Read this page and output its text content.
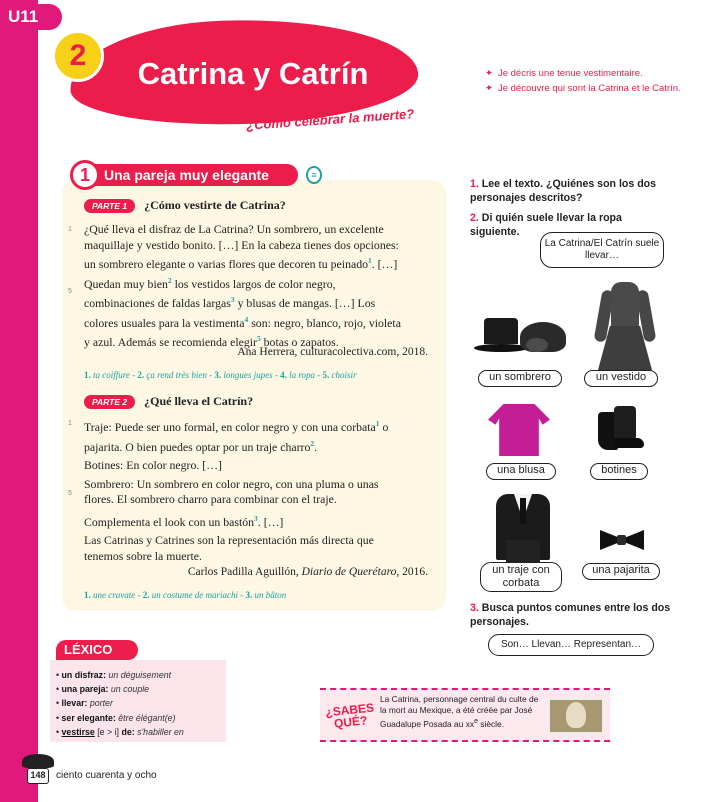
U11
2
Catrina y Catrín
¿Cómo celebrar la muerte?
✦ Je décris une tenue vestimentaire.
✦ Je découvre qui sont la Catrina et le Catrín.
1	Una pareja muy elegante	≡
PARTE 1 ¿Cómo vestirte de Catrina?
1
5

¿Qué lleva el disfraz de La Catrina? Un sombrero, un excelente

maquillaje y vestido bonito. […] En la cabeza tienes dos opciones:

un sombrero elegante o varias flores que decoren tu peinado$^1$. […]

Quedan muy bien$^2$ los vestidos largos de color negro,

combinaciones de faldas largas$^3$ y blusas de mangas. […] Los

colores usuales para la vestimenta$^4$ son: negro, blanco, rojo, violeta

y azul. Además se recomienda elegir$^5$ botas o zapatos.

Ana Herrera, culturacolectiva.com, 2018.
1. ta coiffure - 2. ça rend très bien - 3. longues jupes - 4. la ropa - 5. choisir
PARTE 2 ¿Qué lleva el Catrín?
1
5

Traje: Puede ser uno formal, en color negro y con una corbata$^1$ o

pajarita. O bien puedes optar por un traje charro$^2$.

Botines: En color negro. […]

Sombrero: Un sombrero en color negro, con una pluma o unas

flores. El sombrero charro para combinar con el traje.

Complementa el look con un bastón$^3$. […]

Las Catrinas y Catrines son la representación más directa que

tenemos sobre la muerte.

Carlos Padilla Aguillón, Diario de Querétaro, 2016.
1. une cravate - 2. un costume de mariachi - 3. un bâton
LÉXICO
• un disfraz: un déguisement
• una pareja: un couple
• llevar: porter
• ser elegante: être élégant(e)
• vestirse [e > i] de: s'habiller en
148	ciento cuarenta y ocho
1. Lee el texto. ¿Quiénes son los dos personajes descritos?
2. Di quién suele llevar la ropa siguiente.
La Catrina/El Catrín suele llevar…
un sombrero	un vestido
una blusa	botines
un traje con corbata
una pajarita
3. Busca puntos comunes entre los dos personajes.
Son… Llevan… Representan…
¿SABES QUÉ?
La Catrina, personnage central du culte de la mort au Mexique, a été créée par José Guadalupe Posada au $xx^e$ siècle.
